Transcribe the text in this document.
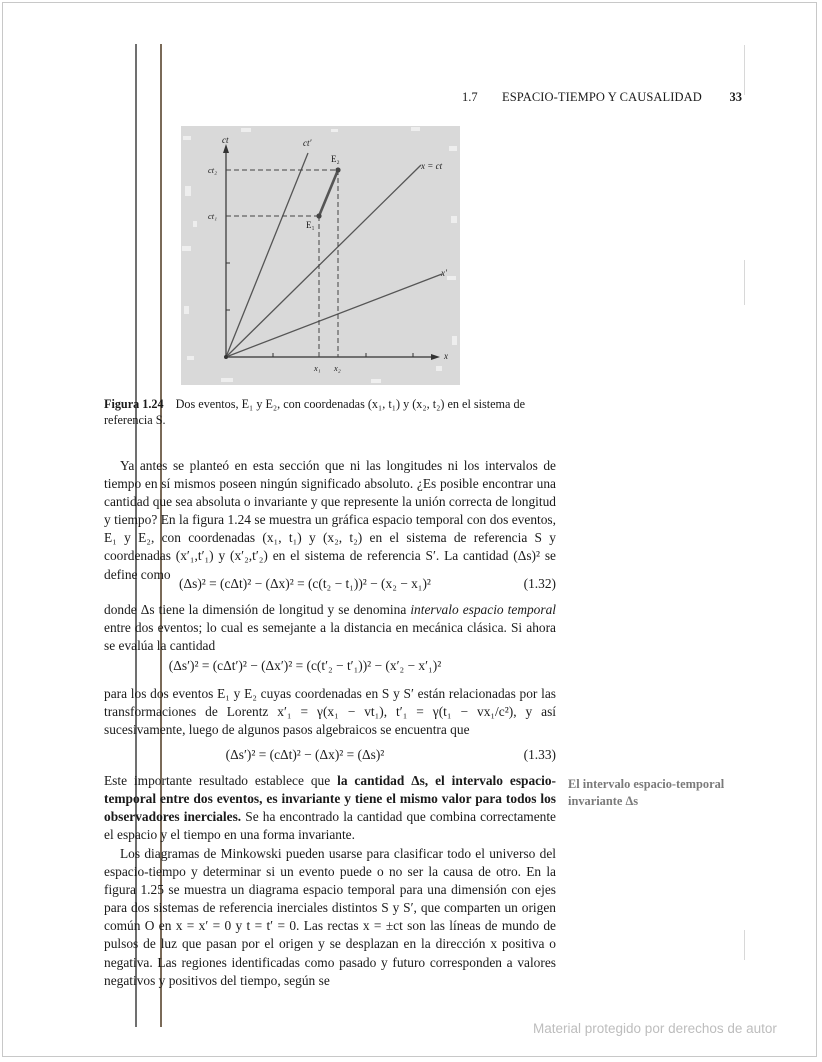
1.7	ESPACIO-TIEMPO Y CAUSALIDAD	33
ct	ct′
x = ct
x′
x
ct₂
ct₁
x₁ x₂
E₁
E₂
Figura 1.24 Dos eventos, E₁ y E₂, con coordenadas (x₁, t₁) y (x₂, t₂) en el sistema de referencia S.

Ya antes se planteó en esta sección que ni las longitudes ni los intervalos de tiempo en sí mismos poseen ningún significado absoluto. ¿Es posible encontrar una cantidad que sea absoluta o invariante y que represente la unión correcta de longitud y tiempo? En la figura 1.24 se muestra un gráfica espacio temporal con dos eventos, E₁ y E₂, con coordenadas (x₁, t₁) y (x₂, t₂) en el sistema de referencia S y coordenadas (x′₁,t′₁) y (x′₂,t′₂) en el sistema de referencia S′. La cantidad (Δs)² se define como

(Δs)² = (cΔt)² − (Δx)² = (c(t₂ − t₁))² − (x₂ − x₁)²	(1.32)

donde Δs tiene la dimensión de longitud y se denomina intervalo espacio temporal entre dos eventos; lo cual es semejante a la distancia en mecánica clásica. Si ahora se evalúa la cantidad

(Δs′)² = (cΔt′)² − (Δx′)² = (c(t′₂ − t′₁))² − (x′₂ − x′₁)²

para los dos eventos E₁ y E₂ cuyas coordenadas en S y S′ están relacionadas por las transformaciones de Lorentz x′₁ = γ(x₁ − vt₁), t′₁ = γ(t₁ − vx₁/c²), y así sucesivamente, luego de algunos pasos algebraicos se encuentra que

(Δs′)² = (cΔt)² − (Δx)² = (Δs)²	(1.33)

Este importante resultado establece que la cantidad Δs, el intervalo espacio-temporal entre dos eventos, es invariante y tiene el mismo valor para todos los observadores inerciales. Se ha encontrado la cantidad que combina correctamente el espacio y el tiempo en una forma invariante.

Los diagramas de Minkowski pueden usarse para clasificar todo el universo del espacio-tiempo y determinar si un evento puede o no ser la causa de otro. En la figura 1.25 se muestra un diagrama espacio temporal para una dimensión con ejes para dos sistemas de referencia inerciales distintos S y S′, que comparten un origen común O en x = x′ = 0 y t = t′ = 0. Las rectas x = ±ct son las líneas de mundo de pulsos de luz que pasan por el origen y se desplazan en la dirección x positiva o negativa. Las regiones identificadas como pasado y futuro corresponden a valores negativos y positivos del tiempo, según se

El intervalo espacio-temporal
invariante Δs
Material protegido por derechos de autor
